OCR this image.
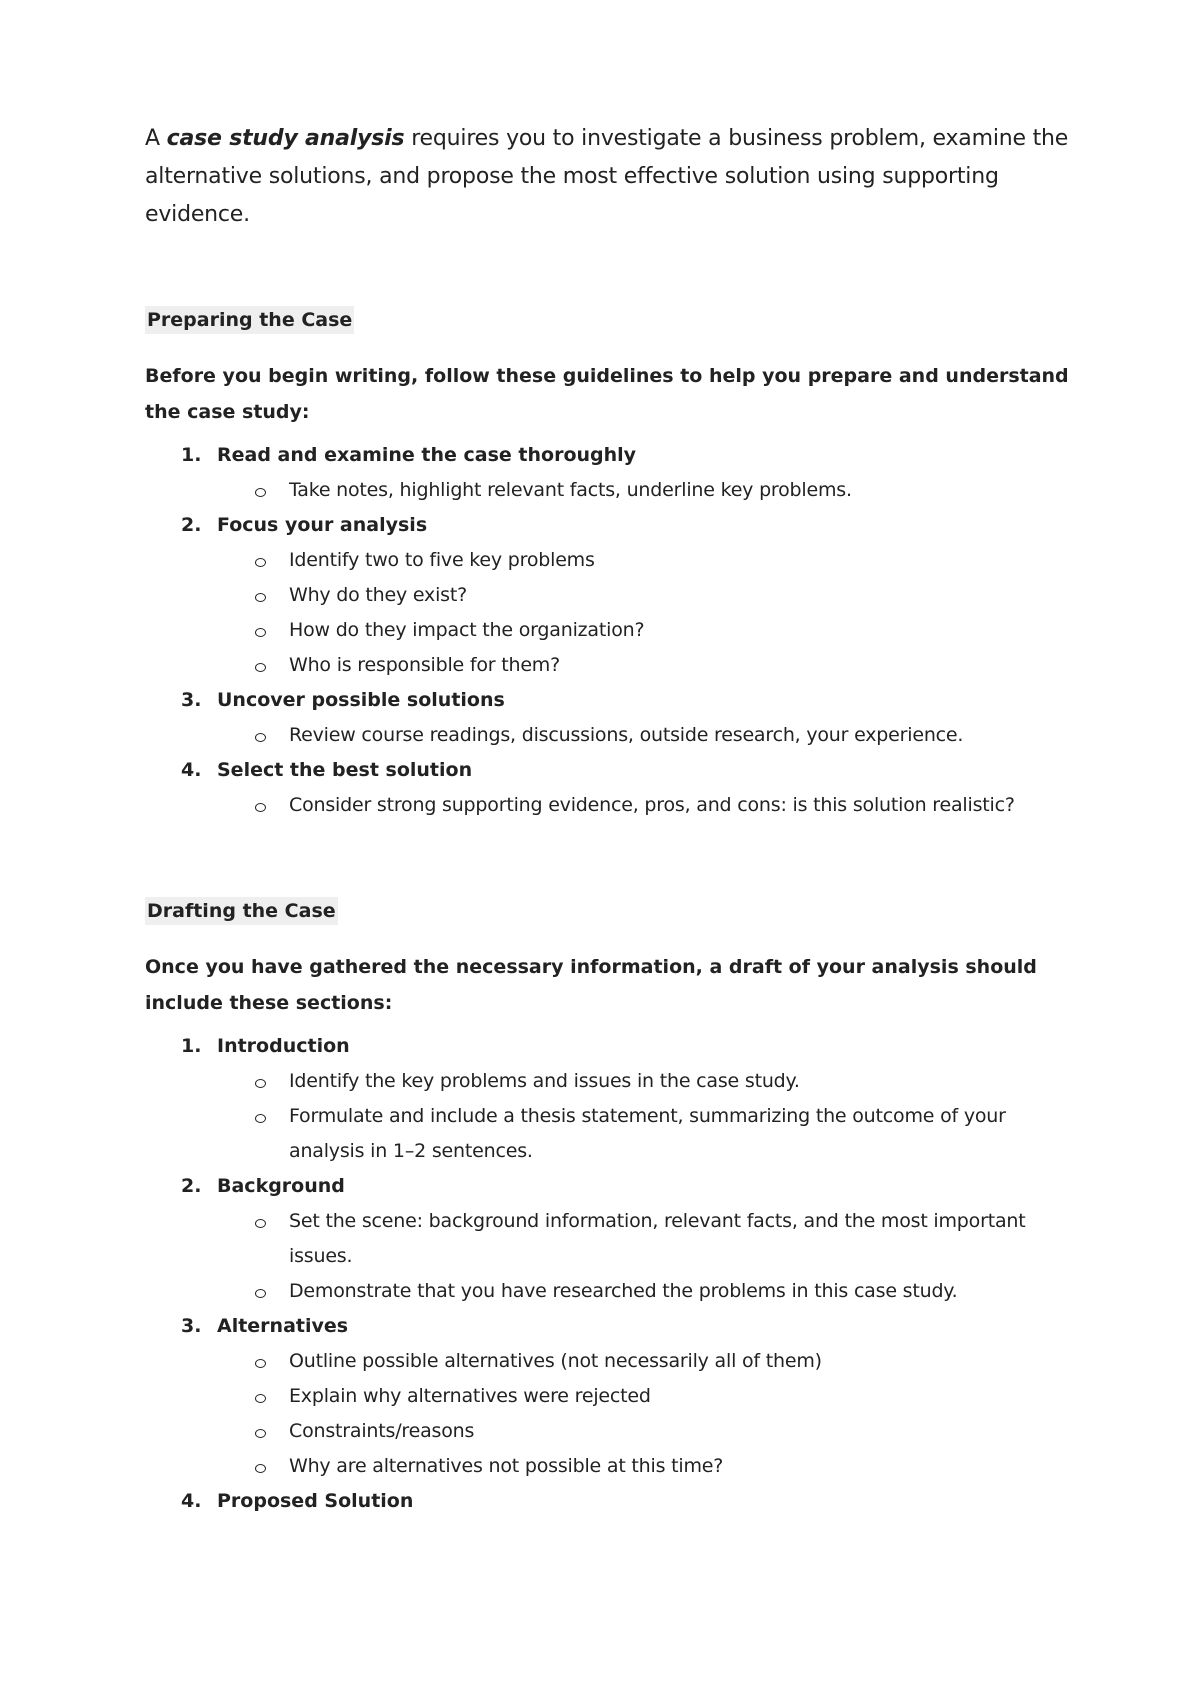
A case study analysis requires you to investigate a business problem, examine the alternative solutions, and propose the most effective solution using supporting evidence.

Preparing the Case

Before you begin writing, follow these guidelines to help you prepare and understand the case study:

1. Read and examine the case thoroughly
Take notes, highlight relevant facts, underline key problems.
2. Focus your analysis
Identify two to five key problems
Why do they exist?
How do they impact the organization?
Who is responsible for them?
3. Uncover possible solutions
Review course readings, discussions, outside research, your experience.
4. Select the best solution
Consider strong supporting evidence, pros, and cons: is this solution realistic?
Drafting the Case

Once you have gathered the necessary information, a draft of your analysis should include these sections:

1. Introduction
Identify the key problems and issues in the case study.
Formulate and include a thesis statement, summarizing the outcome of your analysis in 1–2 sentences.
2. Background
Set the scene: background information, relevant facts, and the most important issues.
Demonstrate that you have researched the problems in this case study.
3. Alternatives
Outline possible alternatives (not necessarily all of them)
Explain why alternatives were rejected
Constraints/reasons
Why are alternatives not possible at this time?
4. Proposed Solution
